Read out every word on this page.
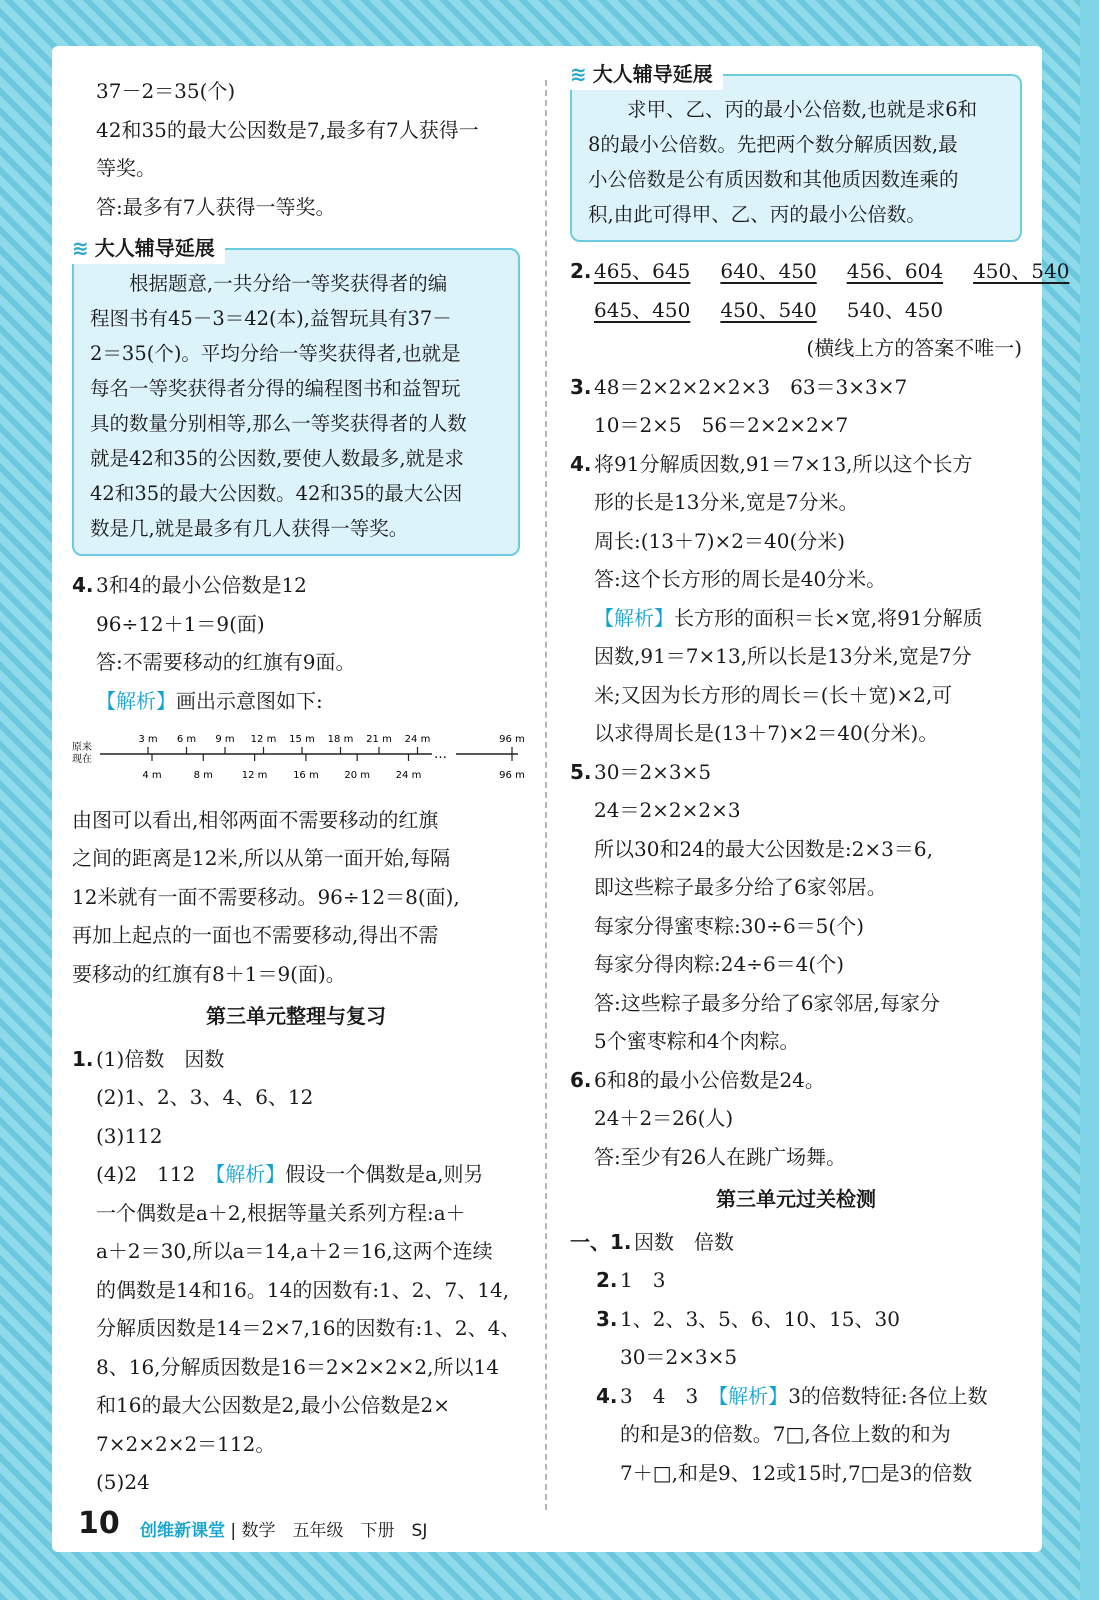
37－2＝35(个)
42和35的最大公因数是7,最多有7人获得一
等奖。
答:最多有7人获得一等奖。
≋ 大人辅导延展
根据题意,一共分给一等奖获得者的编
程图书有45－3＝42(本),益智玩具有37－
2＝35(个)。平均分给一等奖获得者,也就是
每名一等奖获得者分得的编程图书和益智玩
具的数量分别相等,那么一等奖获得者的人数
就是42和35的公因数,要使人数最多,就是求
42和35的最大公因数。42和35的最大公因
数是几,就是最多有几人获得一等奖。
4. 3和4的最小公倍数是12
96÷12＋1＝9(面)
答:不需要移动的红旗有9面。
【解析】画出示意图如下:
原来
现在	…
3 m 6 m 9 m 12 m 15 m 18 m 21 m 24 m	96 m
4 m	8 m	12 m	16 m	20 m	24 m	96 m
由图可以看出,相邻两面不需要移动的红旗
之间的距离是12米,所以从第一面开始,每隔
12米就有一面不需要移动。96÷12＝8(面),
再加上起点的一面也不需要移动,得出不需
要移动的红旗有8＋1＝9(面)。
第三单元整理与复习
1. (1)倍数　因数
(2)1、2、3、4、6、12
(3)112
(4)2　112　 【解析】假设一个偶数是a,则另
一个偶数是a＋2,根据等量关系列方程:a＋
a＋2＝30,所以a＝14,a＋2＝16,这两个连续
的偶数是14和16。14的因数有:1、2、7、14,
分解质因数是14＝2×7,16的因数有:1、2、4、
8、16,分解质因数是16＝2×2×2×2,所以14
和16的最大公因数是2,最小公倍数是2×
7×2×2×2＝112。
(5)24
≋ 大人辅导延展
求甲、乙、丙的最小公倍数,也就是求6和
8的最小公倍数。先把两个数分解质因数,最
小公倍数是公有质因数和其他质因数连乘的
积,由此可得甲、乙、丙的最小公倍数。
2. 465、645 640、450 456、604 450、540
645、450 450、540 540、450
(横线上方的答案不唯一)
3. 48＝2×2×2×2×3　63＝3×3×7
10＝2×5　56＝2×2×2×7
4. 将91分解质因数,91＝7×13,所以这个长方
形的长是13分米,宽是7分米。
周长:(13＋7)×2＝40(分米)
答:这个长方形的周长是40分米。
【解析】长方形的面积＝长×宽,将91分解质
因数,91＝7×13,所以长是13分米,宽是7分
米;又因为长方形的周长＝(长＋宽)×2,可
以求得周长是(13＋7)×2＝40(分米)。
5. 30＝2×3×5
24＝2×2×2×3
所以30和24的最大公因数是:2×3＝6,
即这些粽子最多分给了6家邻居。
每家分得蜜枣粽:30÷6＝5(个)
每家分得肉粽:24÷6＝4(个)
答:这些粽子最多分给了6家邻居,每家分
5个蜜枣粽和4个肉粽。
6. 6和8的最小公倍数是24。
24＋2＝26(人)
答:至少有26人在跳广场舞。
第三单元过关检测
一、1. 因数　倍数
2. 1　3
3. 1、2、3、5、6、10、15、30
30＝2×3×5
4. 3　4　3　 【解析】3的倍数特征:各位上数
的和是3的倍数。7□,各位上数的和为
7＋□,和是9、12或15时,7□是3的倍数
10 创维新课堂 | 数学　五年级　下册　SJ
